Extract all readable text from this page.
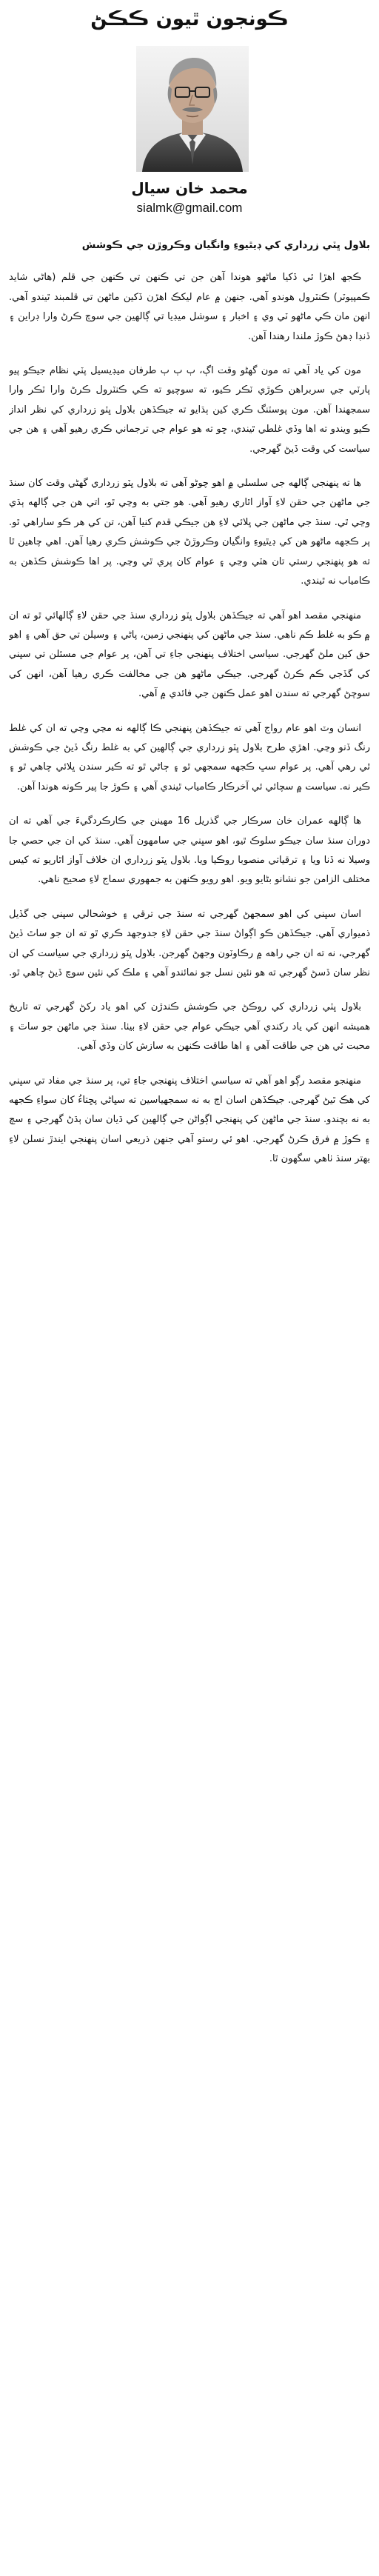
ڪونجون ٿيون ڪڪڻ
محمد خان سيال
sialmk@gmail.com
بلاول ڀٽي زرداري کي ڊيٿيوءِ وانگيان وڪروڙن جي ڪوشش

ڪجھ اهڙا ئي ڏکيا ماڻهو هوندا آهن جن تي ڪنهن تي ڪنهن جي قلم (هاڻي شايد ڪمپيوٽر) ڪنٽرول هوندو آهي. جنهن ۾ عام ليکڪ اهڙن ڏکين ماڻهن تي قلمبند ٿيندو آهي. انهن مان ڪي ماڻهو ٽي وي ۽ اخبار ۽ سوشل ميڊيا تي ڳالهين جي سوچ ڪرڻ وارا ڊراين ۽ ڏنڊا ڊهڻ ڪوڙ ملندا رهندا آهن.

مون کي ياد آهي ته مون گهڻو وقت اڳ، ٻ ٻ ٻ طرفان ميڊيسيل پٽي نظام جيڪو پيو پارٽي جي سربراهن ڪوڙي ٽڪر ڪيو، ته سوچيو ته ڪي ڪنٽرول ڪرڻ وارا ٽڪر وارا سمجهندا آهن. مون پوسٽنگ ڪري کين ٻڌايو ته جيڪڏهن بلاول ڀٽو زرداري کي نظر انداز ڪيو ويندو ته اها وڏي غلطي ٿيندي، ڇو ته هو عوام جي ترجماني ڪري رهيو آهي ۽ هن جي سياست کي وقت ڏيڻ گهرجي.

ها ته پنهنجي ڳالهه جي سلسلي ۾ اهو چوڻو آهي ته بلاول ڀٽو زرداري گهڻي وقت کان سنڌ جي ماڻهن جي حقن لاءِ آواز اٿاري رهيو آهي. هو جتي به وڃي ٿو، اتي هن جي ڳالهه ٻڌي وڃي ٿي. سنڌ جي ماڻهن جي ڀلائي لاءِ هن جيڪي قدم کنيا آهن، تن کي هر ڪو ساراهي ٿو. پر ڪجهه ماڻهو هن کي ڊيٿيوءِ وانگيان وڪروڙڻ جي ڪوشش ڪري رهيا آهن. اهي چاهين ٿا ته هو پنهنجي رستي تان هٽي وڃي ۽ عوام کان پري ٿي وڃي. پر اها ڪوشش ڪڏهن به ڪامياب نه ٿيندي.

منهنجي مقصد اهو آهي ته جيڪڏهن بلاول ڀٽو زرداري سنڌ جي حقن لاءِ ڳالهائي ٿو ته ان ۾ ڪو به غلط ڪم ناهي. سنڌ جي ماڻهن کي پنهنجي زمين، پاڻي ۽ وسيلن تي حق آهي ۽ اهو حق کين ملڻ گهرجي. سياسي اختلاف پنهنجي جاءِ تي آهن، پر عوام جي مسئلن تي سڀني کي گڏجي ڪم ڪرڻ گهرجي. جيڪي ماڻهو هن جي مخالفت ڪري رهيا آهن، انهن کي سوچڻ گهرجي ته سندن اهو عمل ڪنهن جي فائدي ۾ آهي.

انسان وٽ اهو عام رواج آهي ته جيڪڏهن پنهنجي ڪا ڳالهه نه مڃي وڃي ته ان کي غلط رنگ ڏنو وڃي. اهڙي طرح بلاول ڀٽو زرداري جي ڳالهين کي به غلط رنگ ڏيڻ جي ڪوشش ٿي رهي آهي. پر عوام سڀ ڪجهه سمجهي ٿو ۽ ڄاڻي ٿو ته ڪير سندن ڀلائي چاهي ٿو ۽ ڪير نه. سياست ۾ سچائي ئي آخرڪار ڪامياب ٿيندي آهي ۽ ڪوڙ جا پير ڪونه هوندا آهن.

ها ڳالهه عمران خان سرڪار جي گذريل 16 مهينن جي ڪارڪردگيءَ جي آهي ته ان دوران سنڌ سان جيڪو سلوڪ ٿيو، اهو سڀني جي سامهون آهي. سنڌ کي ان جي حصي جا وسيلا نه ڏنا ويا ۽ ترقياتي منصوبا روڪيا ويا. بلاول ڀٽو زرداري ان خلاف آواز اٿاريو ته کيس مختلف الزامن جو نشانو بڻايو ويو. اهو رويو ڪنهن به جمهوري سماج لاءِ صحيح ناهي.

اسان سڀني کي اهو سمجهڻ گهرجي ته سنڌ جي ترقي ۽ خوشحالي سڀني جي گڏيل ذميواري آهي. جيڪڏهن ڪو اڳواڻ سنڌ جي حقن لاءِ جدوجهد ڪري ٿو ته ان جو ساٿ ڏيڻ گهرجي، نه ته ان جي راهه ۾ رڪاوٽون وجهڻ گهرجن. بلاول ڀٽو زرداري جي سياست کي ان نظر سان ڏسڻ گهرجي ته هو نئين نسل جو نمائندو آهي ۽ ملڪ کي نئين سوچ ڏيڻ چاهي ٿو.

بلاول ڀٽي زرداري کي روڪڻ جي ڪوشش ڪندڙن کي اهو ياد رکڻ گهرجي ته تاريخ هميشه انهن کي ياد رکندي آهي جيڪي عوام جي حقن لاءِ بيٺا. سنڌ جي ماڻهن جو ساٿ ۽ محبت ئي هن جي طاقت آهي ۽ اها طاقت ڪنهن به سازش کان وڏي آهي.

منهنجو مقصد رڳو اهو آهي ته سياسي اختلاف پنهنجي جاءِ تي، پر سنڌ جي مفاد تي سڀني کي هڪ ٿيڻ گهرجي. جيڪڏهن اسان اڄ به نه سمجهياسين ته سڀاڻي پڇتاءُ کان سواءِ ڪجهه به نه بچندو. سنڌ جي ماڻهن کي پنهنجي اڳواڻن جي ڳالهين کي ڌيان سان ٻڌڻ گهرجي ۽ سچ ۽ ڪوڙ ۾ فرق ڪرڻ گهرجي. اهو ئي رستو آهي جنهن ذريعي اسان پنهنجي ايندڙ نسلن لاءِ بهتر سنڌ ٺاهي سگهون ٿا.
